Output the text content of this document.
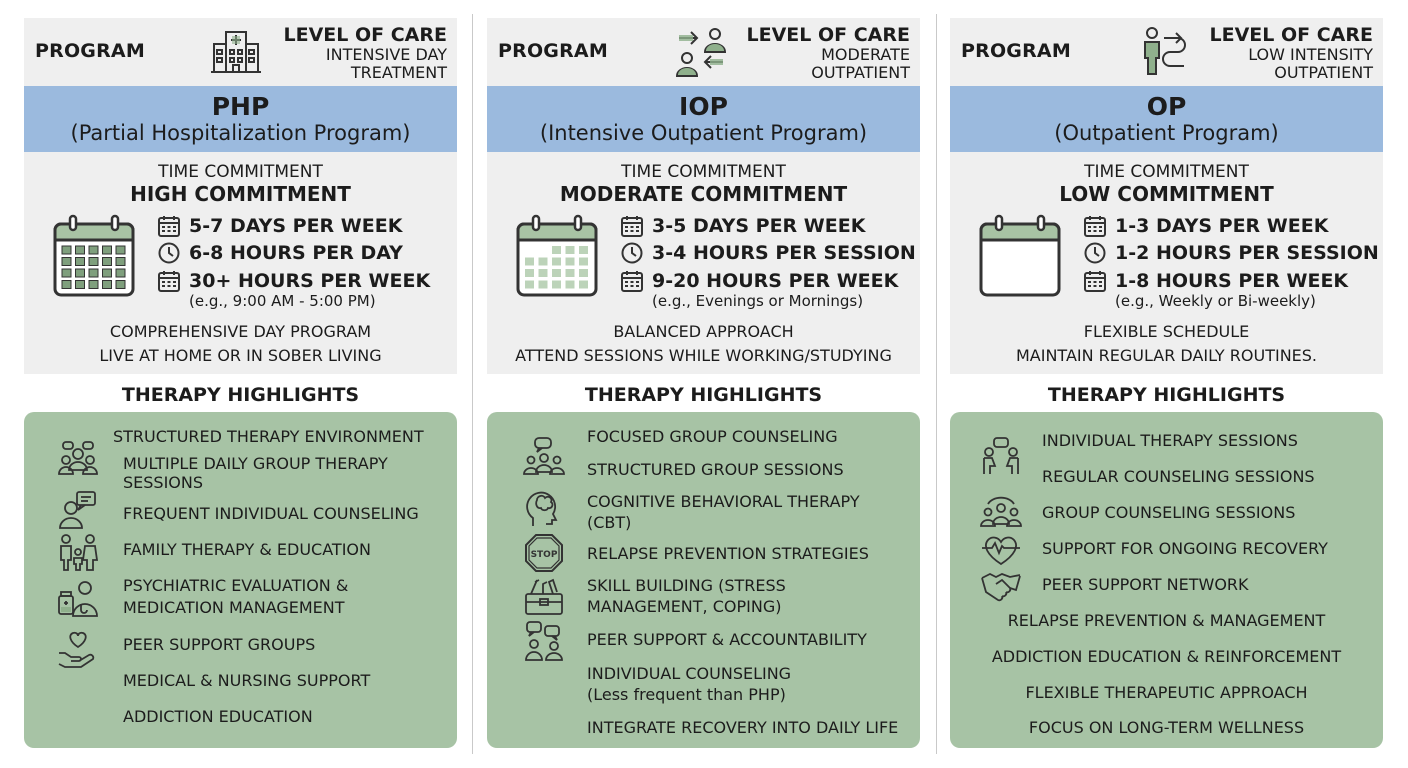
PROGRAM
LEVEL OF CARE
INTENSIVE DAY
TREATMENT
PHP
(Partial Hospitalization Program)
TIME COMMITMENT
HIGH COMMITMENT
5-7 DAYS PER WEEK
6-8 HOURS PER DAY
30+ HOURS PER WEEK
(e.g., 9:00 AM - 5:00 PM)
COMPREHENSIVE DAY PROGRAM
LIVE AT HOME OR IN SOBER LIVING
THERAPY HIGHLIGHTS
STRUCTURED THERAPY ENVIRONMENT
MULTIPLE DAILY GROUP THERAPY
SESSIONS
FREQUENT INDIVIDUAL COUNSELING
FAMILY THERAPY & EDUCATION
PSYCHIATRIC EVALUATION &
MEDICATION MANAGEMENT
PEER SUPPORT GROUPS
MEDICAL & NURSING SUPPORT
ADDICTION EDUCATION
PROGRAM
LEVEL OF CARE
MODERATE
OUTPATIENT
IOP
(Intensive Outpatient Program)
TIME COMMITMENT
MODERATE COMMITMENT
3-5 DAYS PER WEEK
3-4 HOURS PER SESSION
9-20 HOURS PER WEEK
(e.g., Evenings or Mornings)
BALANCED APPROACH
ATTEND SESSIONS WHILE WORKING/STUDYING
THERAPY HIGHLIGHTS
FOCUSED GROUP COUNSELING
STRUCTURED GROUP SESSIONS
COGNITIVE BEHAVIORAL THERAPY
(CBT)
RELAPSE PREVENTION STRATEGIES
SKILL BUILDING (STRESS
MANAGEMENT, COPING)
PEER SUPPORT & ACCOUNTABILITY
INDIVIDUAL COUNSELING
(Less frequent than PHP)
INTEGRATE RECOVERY INTO DAILY LIFE
STOP
PROGRAM
LEVEL OF CARE
LOW INTENSITY
OUTPATIENT
OP
(Outpatient Program)
TIME COMMITMENT
LOW COMMITMENT
1-3 DAYS PER WEEK
1-2 HOURS PER SESSION
1-8 HOURS PER WEEK
(e.g., Weekly or Bi-weekly)
FLEXIBLE SCHEDULE
MAINTAIN REGULAR DAILY ROUTINES.
THERAPY HIGHLIGHTS
INDIVIDUAL THERAPY SESSIONS
REGULAR COUNSELING SESSIONS
GROUP COUNSELING SESSIONS
SUPPORT FOR ONGOING RECOVERY
PEER SUPPORT NETWORK
RELAPSE PREVENTION & MANAGEMENT
ADDICTION EDUCATION & REINFORCEMENT
FLEXIBLE THERAPEUTIC APPROACH
FOCUS ON LONG-TERM WELLNESS
